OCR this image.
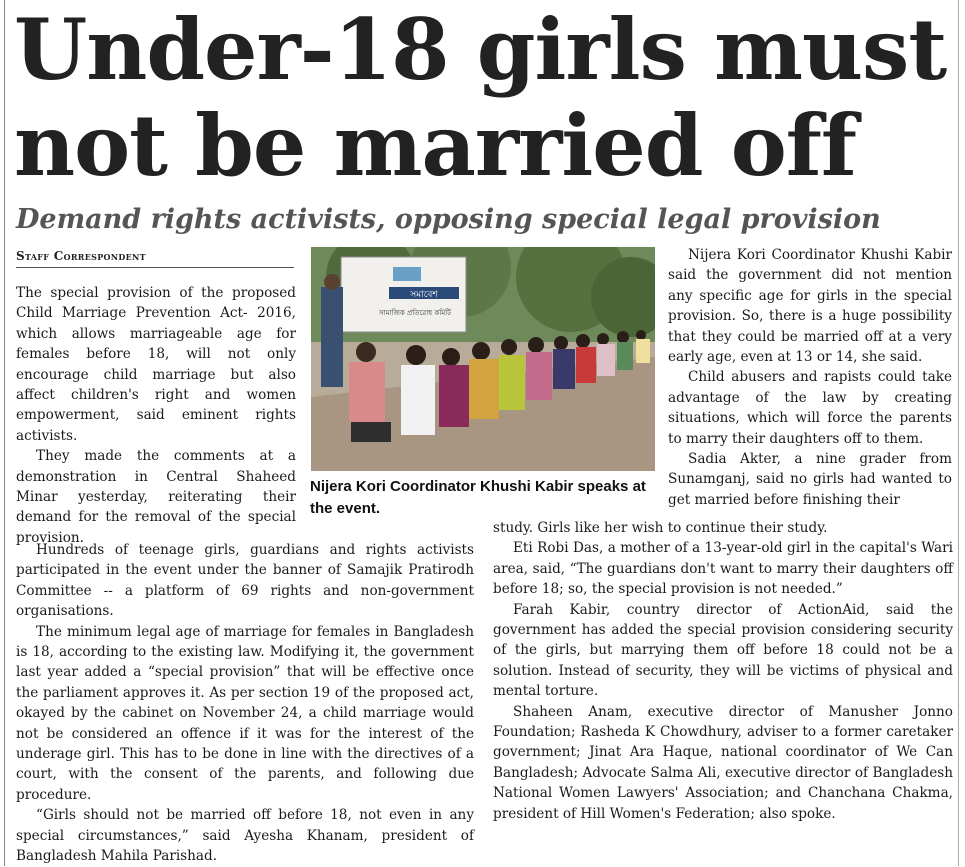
Under-18 girls must not be married off
Demand rights activists, opposing special legal provision
Staff Correspondent

The special provision of the proposed Child Marriage Prevention Act- 2016, which allows marriageable age for females before 18, will not only encourage child marriage but also affect children's right and women empowerment, said eminent rights activists.

They made the comments at a demonstration in Central Shaheed Minar yesterday, reiterating their demand for the removal of the special provision.

সমাবেশ
সামাজিক প্রতিরোধ কমিটি
Nijera Kori Coordinator Khushi Kabir speaks at the event.

Hundreds of teenage girls, guardians and rights activists participated in the event under the banner of Samajik Pratirodh Committee -- a platform of 69 rights and non-government organisations.

The minimum legal age of marriage for females in Bangladesh is 18, according to the existing law. Modifying it, the government last year added a “special provision” that will be effective once the parliament approves it. As per section 19 of the proposed act, okayed by the cabinet on November 24, a child marriage would not be considered an offence if it was for the interest of the underage girl. This has to be done in line with the directives of a court, with the consent of the parents, and following due procedure.

“Girls should not be married off before 18, not even in any special circumstances,” said Ayesha Khanam, president of Bangladesh Mahila Parishad.

Nijera Kori Coordinator Khushi Kabir said the government did not mention any specific age for girls in the special provision. So, there is a huge possibility that they could be married off at a very early age, even at 13 or 14, she said.

Child abusers and rapists could take advantage of the law by creating situations, which will force the parents to marry their daughters off to them.

Sadia Akter, a nine grader from Sunamganj, said no girls had wanted to get married before finishing their

study. Girls like her wish to continue their study.

Eti Robi Das, a mother of a 13-year-old girl in the capital's Wari area, said, “The guardians don't want to marry their daughters off before 18; so, the special provision is not needed.”

Farah Kabir, country director of ActionAid, said the government has added the special provision considering security of the girls, but marrying them off before 18 could not be a solution. Instead of security, they will be victims of physical and mental torture.

Shaheen Anam, executive director of Manusher Jonno Foundation; Rasheda K Chowdhury, adviser to a former caretaker government; Jinat Ara Haque, national coordinator of We Can Bangladesh; Advocate Salma Ali, executive director of Bangladesh National Women Lawyers' Association; and Chanchana Chakma, president of Hill Women's Federation; also spoke.
